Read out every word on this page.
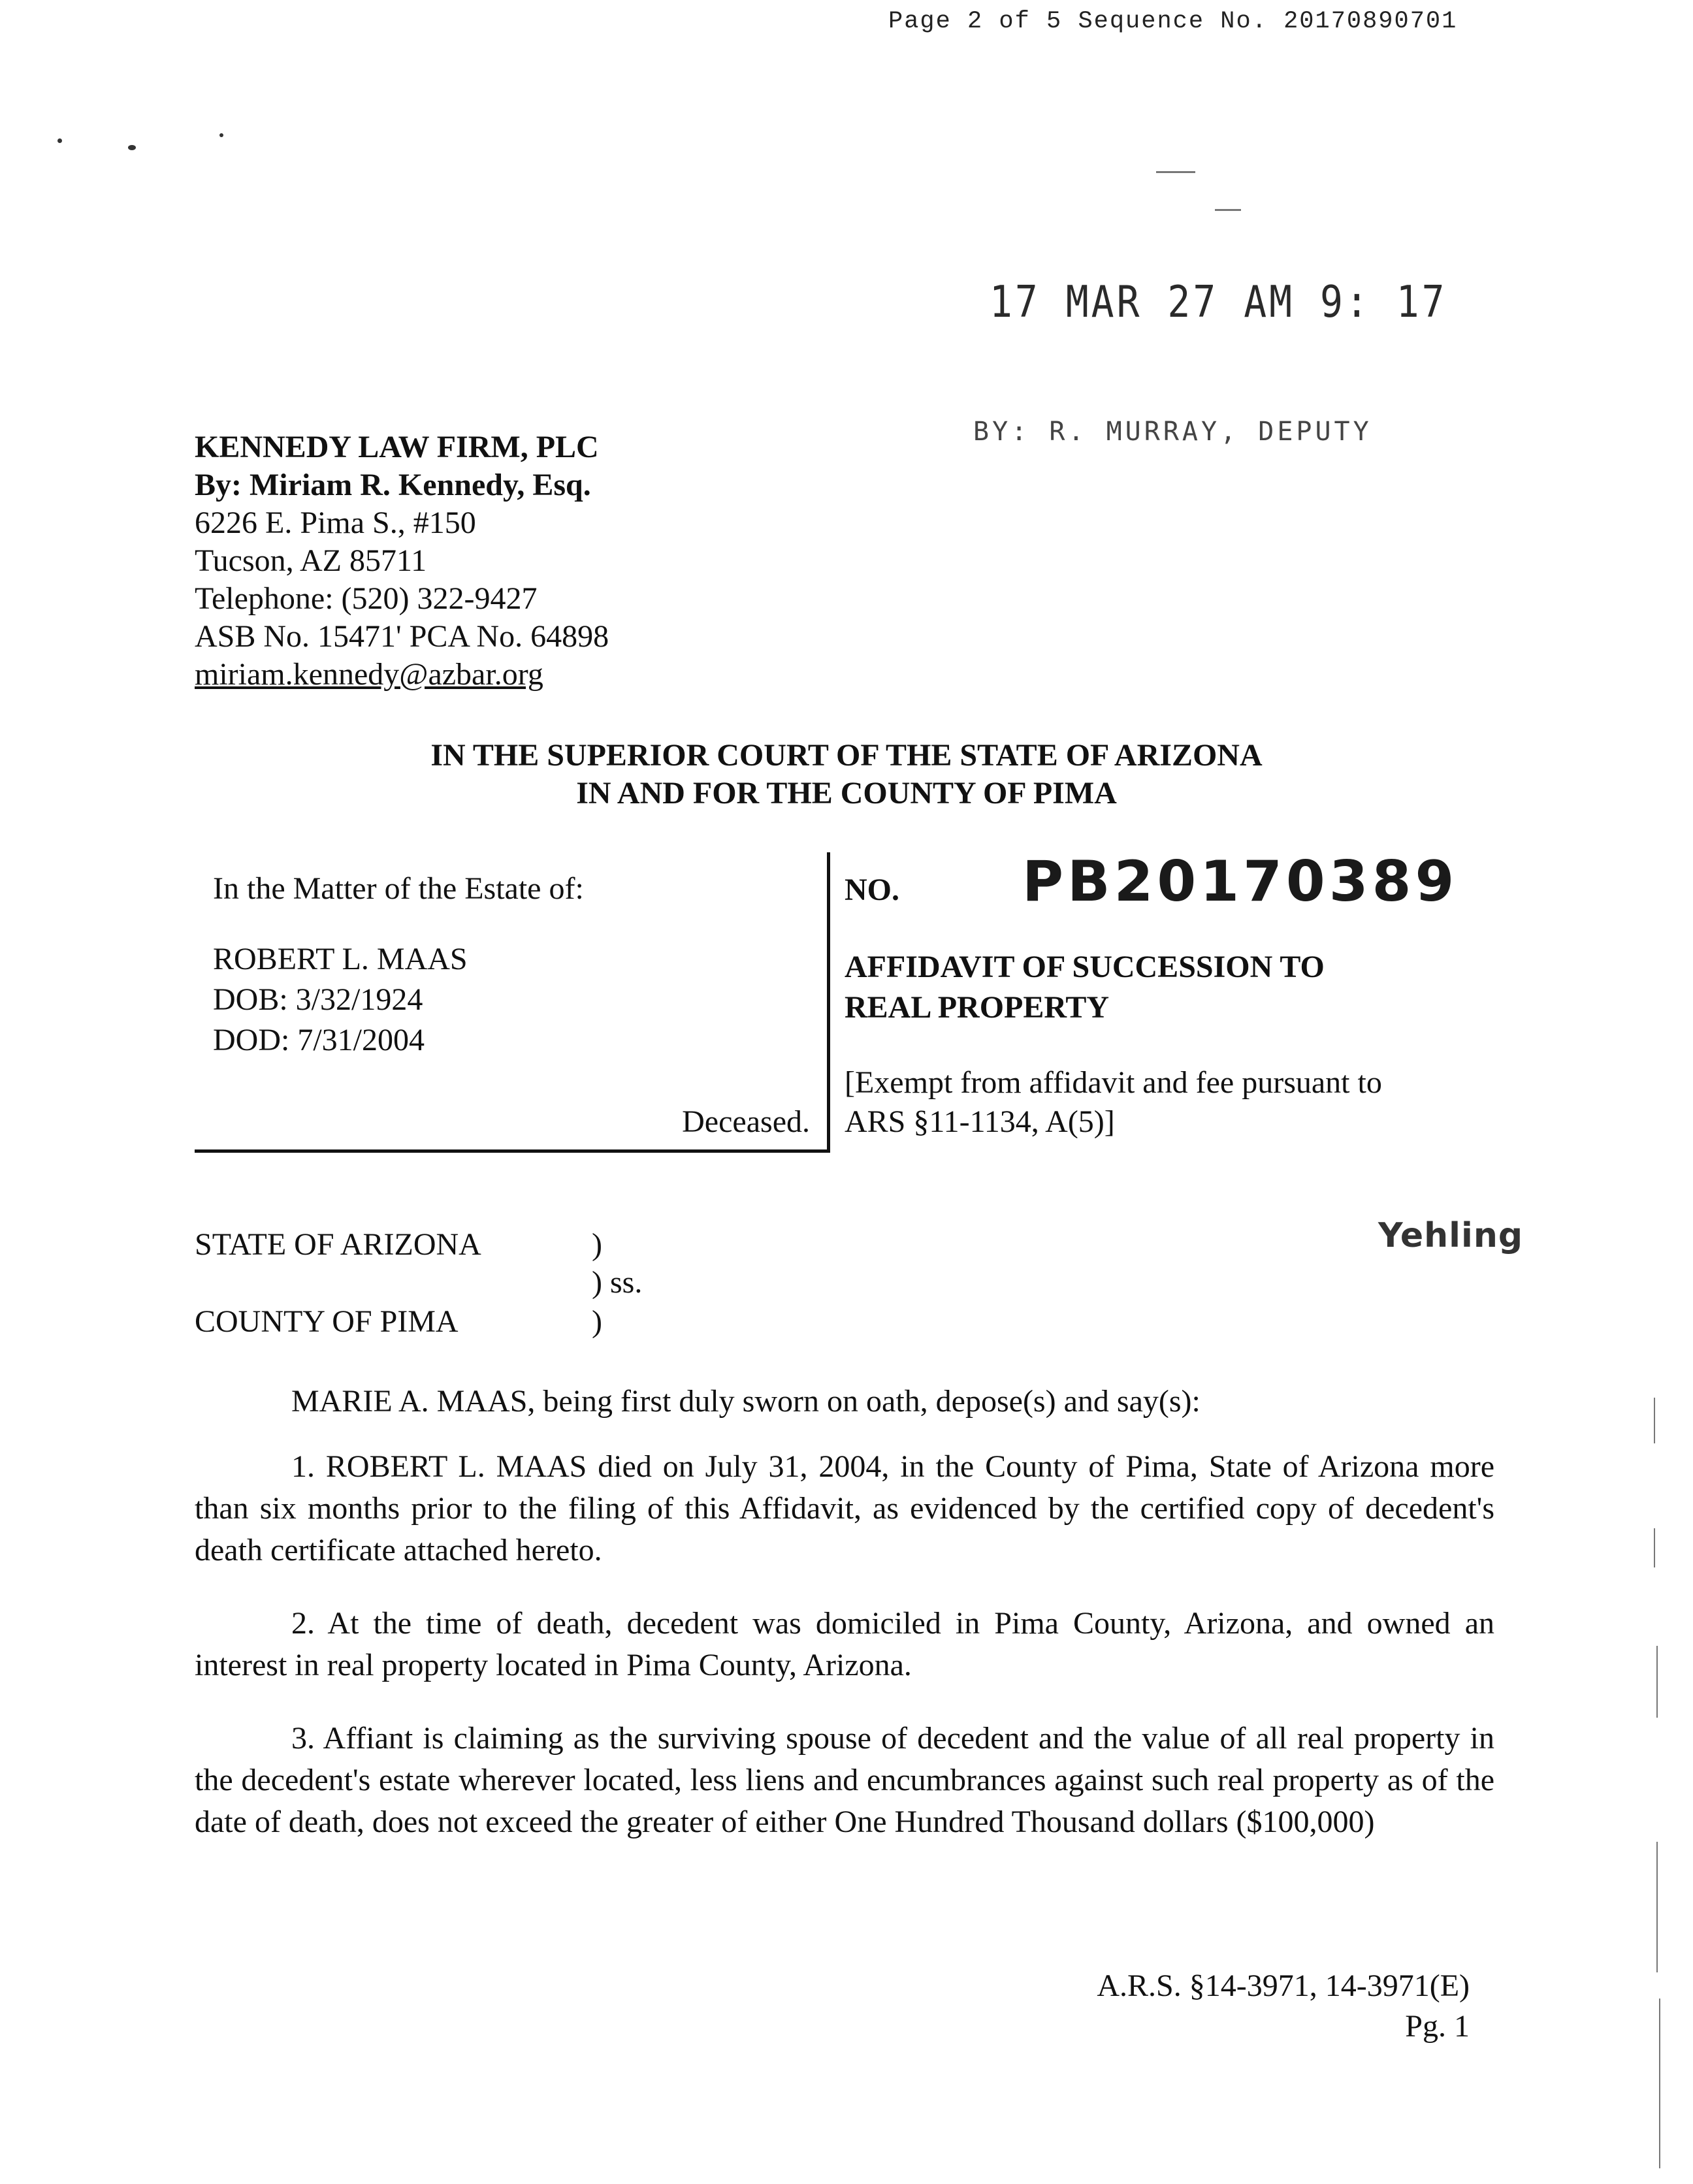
Page 2 of 5 Sequence No. 20170890701
17 MAR 27 AM 9: 17
BY: R. MURRAY, DEPUTY
KENNEDY LAW FIRM, PLC
By: Miriam R. Kennedy, Esq.
6226 E. Pima S., #150
Tucson, AZ 85711
Telephone: (520) 322-9427
ASB No. 15471' PCA No. 64898
miriam.kennedy@azbar.org
IN THE SUPERIOR COURT OF THE STATE OF ARIZONA
IN AND FOR THE COUNTY OF PIMA
In the Matter of the Estate of:
ROBERT L. MAAS
DOB: 3/32/1924
DOD: 7/31/2004
Deceased.
NO. PB20170389
AFFIDAVIT OF SUCCESSION TO
REAL PROPERTY
[Exempt from affidavit and fee pursuant to
ARS §11-1134, A(5)]
STATE OF ARIZONA	)
) ss.
COUNTY OF PIMA	)
Yehling
MARIE A. MAAS, being first duly sworn on oath, depose(s) and say(s):
1. ROBERT L. MAAS died on July 31, 2004, in the County of Pima, State of Arizona more than six months prior to the filing of this Affidavit, as evidenced by the certified copy of decedent's death certificate attached hereto.
2. At the time of death, decedent was domiciled in Pima County, Arizona, and owned an interest in real property located in Pima County, Arizona.
3. Affiant is claiming as the surviving spouse of decedent and the value of all real property in the decedent's estate wherever located, less liens and encumbrances against such real property as of the date of death, does not exceed the greater of either One Hundred Thousand dollars ($100,000)
A.R.S. §14-3971, 14-3971(E)
Pg. 1
